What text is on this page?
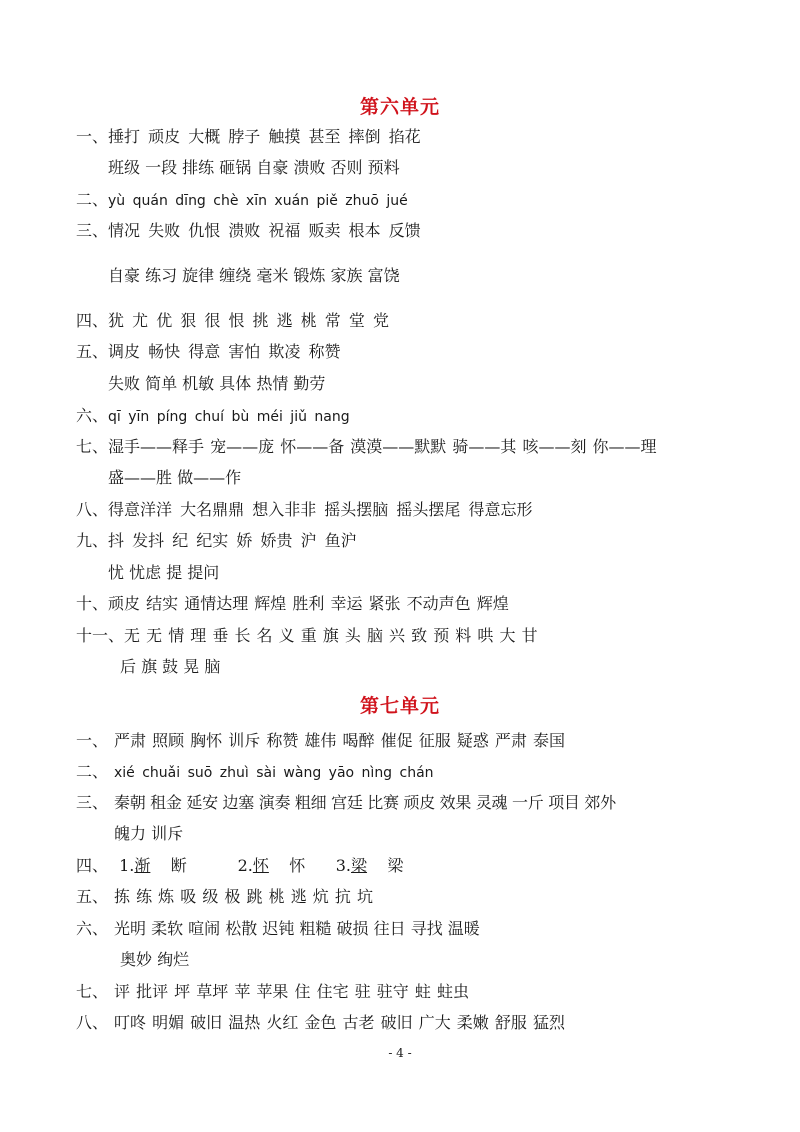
第六单元
一、捶打 顽皮 大概 脖子 触摸 甚至 摔倒 掐花
班级 一段 排练 砸锅 自豪 溃败 否则 预料
二、yù quán dīng chè xīn xuán piě zhuō jué
三、情况 失败 仇恨 溃败 祝福 贩卖 根本 反馈
自豪 练习 旋律 缠绕 毫米 锻炼 家族 富饶
四、犹 尤 优 狠 很 恨 挑 逃 桃 常 堂 党
五、调皮 畅快 得意 害怕 欺凌 称赞
失败 简单 机敏 具体 热情 勤劳
六、qī yīn píng chuí bù méi jiǔ nang
七、湿手——释手 宠——庞 怀——备 漠漠——默默 骑——其 咳——刻 你——理
盛——胜 做——作
八、得意洋洋 大名鼎鼎 想入非非 摇头摆脑 摇头摆尾 得意忘形
九、抖 发抖 纪 纪实 娇 娇贵 沪 鱼沪
忧 忧虑 提 提问
十、顽皮 结实 通情达理 辉煌 胜利 幸运 紧张 不动声色 辉煌
十一、无 无 情 理 垂 长 名 义 重 旗 头 脑 兴 致 预 料 哄 大 甘
后 旗 鼓 晃 脑
第七单元
一、 严肃 照顾 胸怀 训斥 称赞 雄伟 喝醉 催促 征服 疑惑 严肃 泰国
二、 xié chuǎi suō zhuì sài wàng yāo nìng chán
三、 秦朝 租金 延安 边塞 演奏 粗细 宫廷 比赛 顽皮 效果 灵魂 一斤 项目 郊外
魄力 训斥
四、 1.渐 断	2.怀 怀 3.梁 梁
五、 拣 练 炼 吸 级 极 跳 桃 逃 炕 抗 坑
六、 光明 柔软 喧闹 松散 迟钝 粗糙 破损 往日 寻找 温暖
奥妙 绚烂
七、 评 批评 坪 草坪 苹 苹果 住 住宅 驻 驻守 蛀 蛀虫
八、 叮咚 明媚 破旧 温热 火红 金色 古老 破旧 广大 柔嫩 舒服 猛烈
- 4 -
